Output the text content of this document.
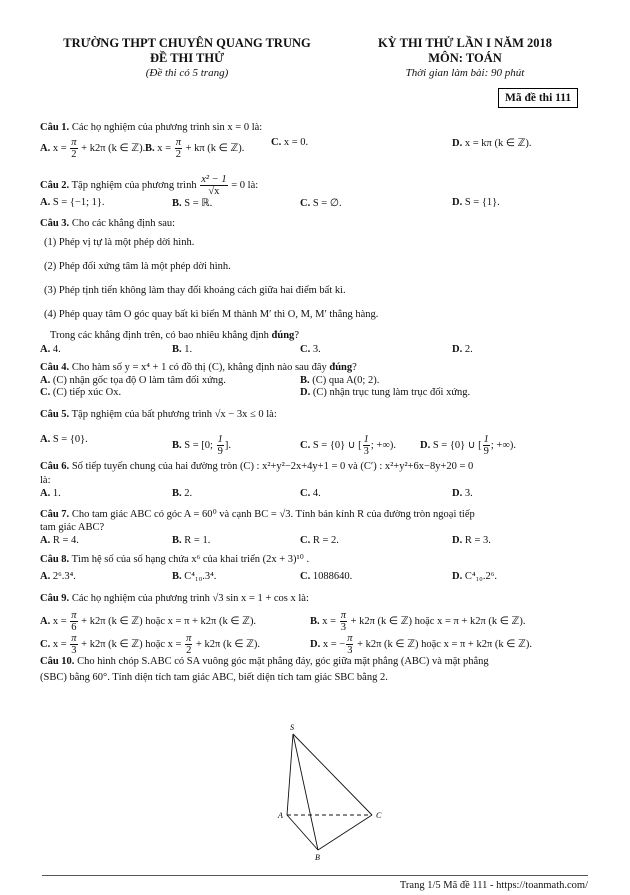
TRƯỜNG THPT CHUYÊN QUANG TRUNG
ĐỀ THI THỬ
(Đề thi có 5 trang)
KỲ THI THỬ LẦN I NĂM 2018
MÔN: TOÁN
Thời gian làm bài: 90 phút
Mã đề thi 111
Câu 1. Các họ nghiệm của phương trình sin x = 0 là:
A. $x = \frac{\pi}{2} + k2\pi$ (k ∈ ℤ). B. $x = \frac{\pi}{2} + k\pi$ (k ∈ ℤ).
C. x = 0.	D. x = kπ (k ∈ ℤ).
Câu 2. Tập nghiệm của phương trình $\frac{\text{x² − 1}}{√x} = 0$ là:
A. S = {−1; 1}.	B. S = ℝ.	C. S = ∅.	D. S = {1}.
Câu 3. Cho các khẳng định sau:
(1) Phép vị tự là một phép dời hình.
(2) Phép đối xứng tâm là một phép dời hình.
(3) Phép tịnh tiến không làm thay đổi khoảng cách giữa hai điểm bất kì.
(4) Phép quay tâm O góc quay bất kì biến M thành M′ thì O, M, M′ thẳng hàng.
Trong các khẳng định trên, có bao nhiêu khẳng định đúng?
A. 4.	B. 1.	C. 3.	D. 2.
Câu 4. Cho hàm số y = x⁴ + 1 có đồ thị (C), khẳng định nào sau đây đúng?
A. (C) nhận gốc tọa độ O làm tâm đối xứng.	B. (C) qua A(0; 2).
C. (C) tiếp xúc Ox.	D. (C) nhận trục tung làm trục đối xứng.
Câu 5. Tập nghiệm của bất phương trình √x − 3x ≤ 0 là:
A. S = {0}.
B. S = [0; $\frac{1}{9}$ ].	C. S = {0} ∪ [ $\frac{1}{3}$ ; +∞). D. S = {0} ∪ [ $\frac{1}{9}$ ; +∞).
Câu 6. Số tiếp tuyến chung của hai đường tròn (C) : x²+y²−2x+4y+1 = 0 và (C′) : x²+y²+6x−8y+20 = 0
là:
A. 1.	B. 2.	C. 4.	D. 3.
Câu 7. Cho tam giác ABC có góc A = 60⁰ và cạnh BC = √3. Tính bán kính R của đường tròn ngoại tiếp
tam giác ABC?
A. R = 4.	B. R = 1.	C. R = 2.	D. R = 3.
Câu 8. Tìm hệ số của số hạng chứa x⁶ của khai triển (2x + 3)¹⁰ .
A. 2⁶.3⁴.	B. C⁴₁₀.3⁴.	C. 1088640.	D. C⁴₁₀.2⁶.
Câu 9. Các họ nghiệm của phương trình √3 sin x = 1 + cos x là:
A. $x = \frac{\pi}{6} + k2\pi$ (k ∈ ℤ) hoặc x = π + k2π (k ∈ ℤ).	B. $x = \frac{\pi}{3} + k2\pi$ (k ∈ ℤ) hoặc x = π + k2π (k ∈ ℤ).
C. $x = \frac{\pi}{3} + k2\pi$ (k ∈ ℤ) hoặc $x = \frac{\pi}{2} + k2\pi$ (k ∈ ℤ).	D. x = − $\frac{\pi}{3} + k2\pi$ (k ∈ ℤ) hoặc x = π + k2π (k ∈ ℤ).
Câu 10. Cho hình chóp S.ABC có SA vuông góc mặt phẳng đáy, góc giữa mặt phẳng (ABC) và mặt phẳng
(SBC) bằng 60°. Tính diện tích tam giác ABC, biết diện tích tam giác SBC bằng 2.
S
A
B
C
Trang 1/5 Mã đề 111 - https://toanmath.com/
